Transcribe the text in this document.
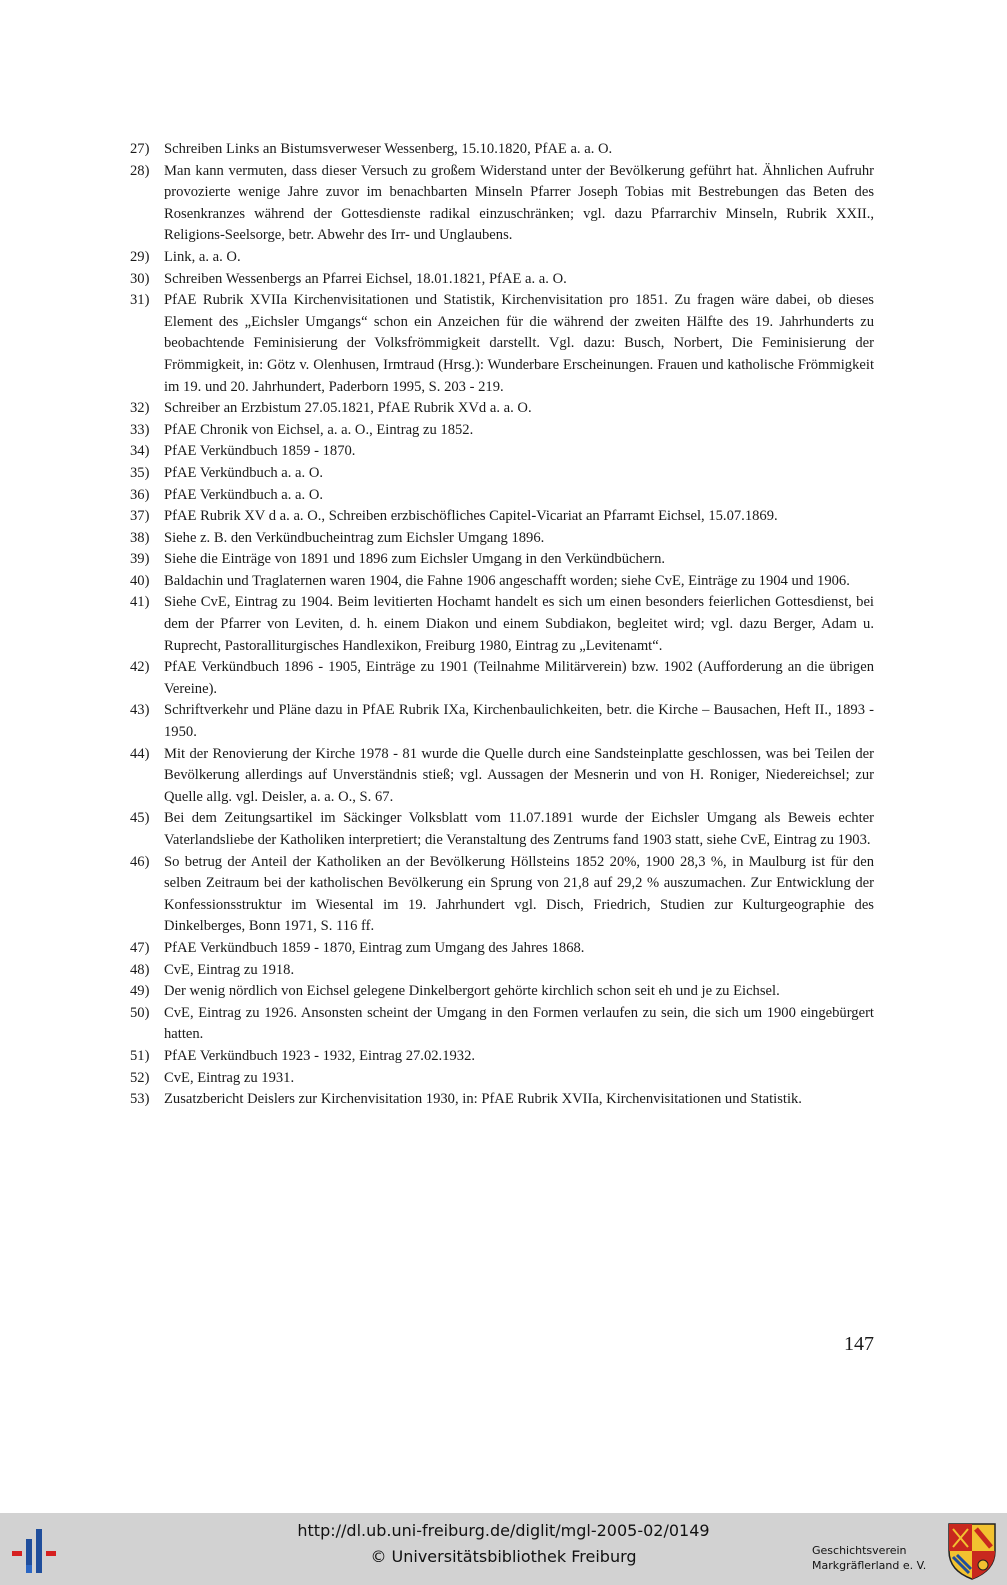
27) Schreiben Links an Bistumsverweser Wessenberg, 15.10.1820, PfAE a. a. O.
28) Man kann vermuten, dass dieser Versuch zu großem Widerstand unter der Bevölkerung geführt hat. Ähnlichen Aufruhr provozierte wenige Jahre zuvor im benachbarten Minseln Pfarrer Joseph Tobias mit Bestrebungen das Beten des Rosenkranzes während der Gottesdienste radikal einzuschränken; vgl. dazu Pfarrarchiv Minseln, Rubrik XXII., Religions-Seelsorge, betr. Abwehr des Irr- und Unglaubens.
29) Link, a. a. O.
30) Schreiben Wessenbergs an Pfarrei Eichsel, 18.01.1821, PfAE a. a. O.
31) PfAE Rubrik XVIIa Kirchenvisitationen und Statistik, Kirchenvisitation pro 1851. Zu fragen wäre dabei, ob dieses Element des „Eichsler Umgangs“ schon ein Anzeichen für die während der zweiten Hälfte des 19. Jahrhunderts zu beobachtende Feminisierung der Volksfrömmigkeit darstellt. Vgl. dazu: Busch, Norbert, Die Feminisierung der Frömmigkeit, in: Götz v. Olenhusen, Irmtraud (Hrsg.): Wunderbare Erscheinungen. Frauen und katholische Frömmigkeit im 19. und 20. Jahrhundert, Paderborn 1995, S. 203 - 219.
32) Schreiber an Erzbistum 27.05.1821, PfAE Rubrik XVd a. a. O.
33) PfAE Chronik von Eichsel, a. a. O., Eintrag zu 1852.
34) PfAE Verkündbuch 1859 - 1870.
35) PfAE Verkündbuch a. a. O.
36) PfAE Verkündbuch a. a. O.
37) PfAE Rubrik XV d a. a. O., Schreiben erzbischöfliches Capitel-Vicariat an Pfarramt Eichsel, 15.07.1869.
38) Siehe z. B. den Verkündbucheintrag zum Eichsler Umgang 1896.
39) Siehe die Einträge von 1891 und 1896 zum Eichsler Umgang in den Verkündbüchern.
40) Baldachin und Traglaternen waren 1904, die Fahne 1906 angeschafft worden; siehe CvE, Einträge zu 1904 und 1906.
41) Siehe CvE, Eintrag zu 1904. Beim levitierten Hochamt handelt es sich um einen besonders feierlichen Gottesdienst, bei dem der Pfarrer von Leviten, d. h. einem Diakon und einem Subdiakon, begleitet wird; vgl. dazu Berger, Adam u. Ruprecht, Pastoralliturgisches Handlexikon, Freiburg 1980, Eintrag zu „Levitenamt“.
42) PfAE Verkündbuch 1896 - 1905, Einträge zu 1901 (Teilnahme Militärverein) bzw. 1902 (Aufforderung an die übrigen Vereine).
43) Schriftverkehr und Pläne dazu in PfAE Rubrik IXa, Kirchenbaulichkeiten, betr. die Kirche – Bausachen, Heft II., 1893 - 1950.
44) Mit der Renovierung der Kirche 1978 - 81 wurde die Quelle durch eine Sandsteinplatte geschlossen, was bei Teilen der Bevölkerung allerdings auf Unverständnis stieß; vgl. Aussagen der Mesnerin und von H. Roniger, Niedereichsel; zur Quelle allg. vgl. Deisler, a. a. O., S. 67.
45) Bei dem Zeitungsartikel im Säckinger Volksblatt vom 11.07.1891 wurde der Eichsler Umgang als Beweis echter Vaterlandsliebe der Katholiken interpretiert; die Veranstaltung des Zentrums fand 1903 statt, siehe CvE, Eintrag zu 1903.
46) So betrug der Anteil der Katholiken an der Bevölkerung Höllsteins 1852 20%, 1900 28,3 %, in Maulburg ist für den selben Zeitraum bei der katholischen Bevölkerung ein Sprung von 21,8 auf 29,2 % auszumachen. Zur Entwicklung der Konfessionsstruktur im Wiesental im 19. Jahrhundert vgl. Disch, Friedrich, Studien zur Kulturgeographie des Dinkelberges, Bonn 1971, S. 116 ff.
47) PfAE Verkündbuch 1859 - 1870, Eintrag zum Umgang des Jahres 1868.
48) CvE, Eintrag zu 1918.
49) Der wenig nördlich von Eichsel gelegene Dinkelbergort gehörte kirchlich schon seit eh und je zu Eichsel.
50) CvE, Eintrag zu 1926. Ansonsten scheint der Umgang in den Formen verlaufen zu sein, die sich um 1900 eingebürgert hatten.
51) PfAE Verkündbuch 1923 - 1932, Eintrag 27.02.1932.
52) CvE, Eintrag zu 1931.
53) Zusatzbericht Deislers zur Kirchenvisitation 1930, in: PfAE Rubrik XVIIa, Kirchenvisitationen und Statistik.
147
http://dl.ub.uni-freiburg.de/diglit/mgl-2005-02/0149
© Universitätsbibliothek Freiburg	Geschichtsverein
Markgräflerland e. V.
